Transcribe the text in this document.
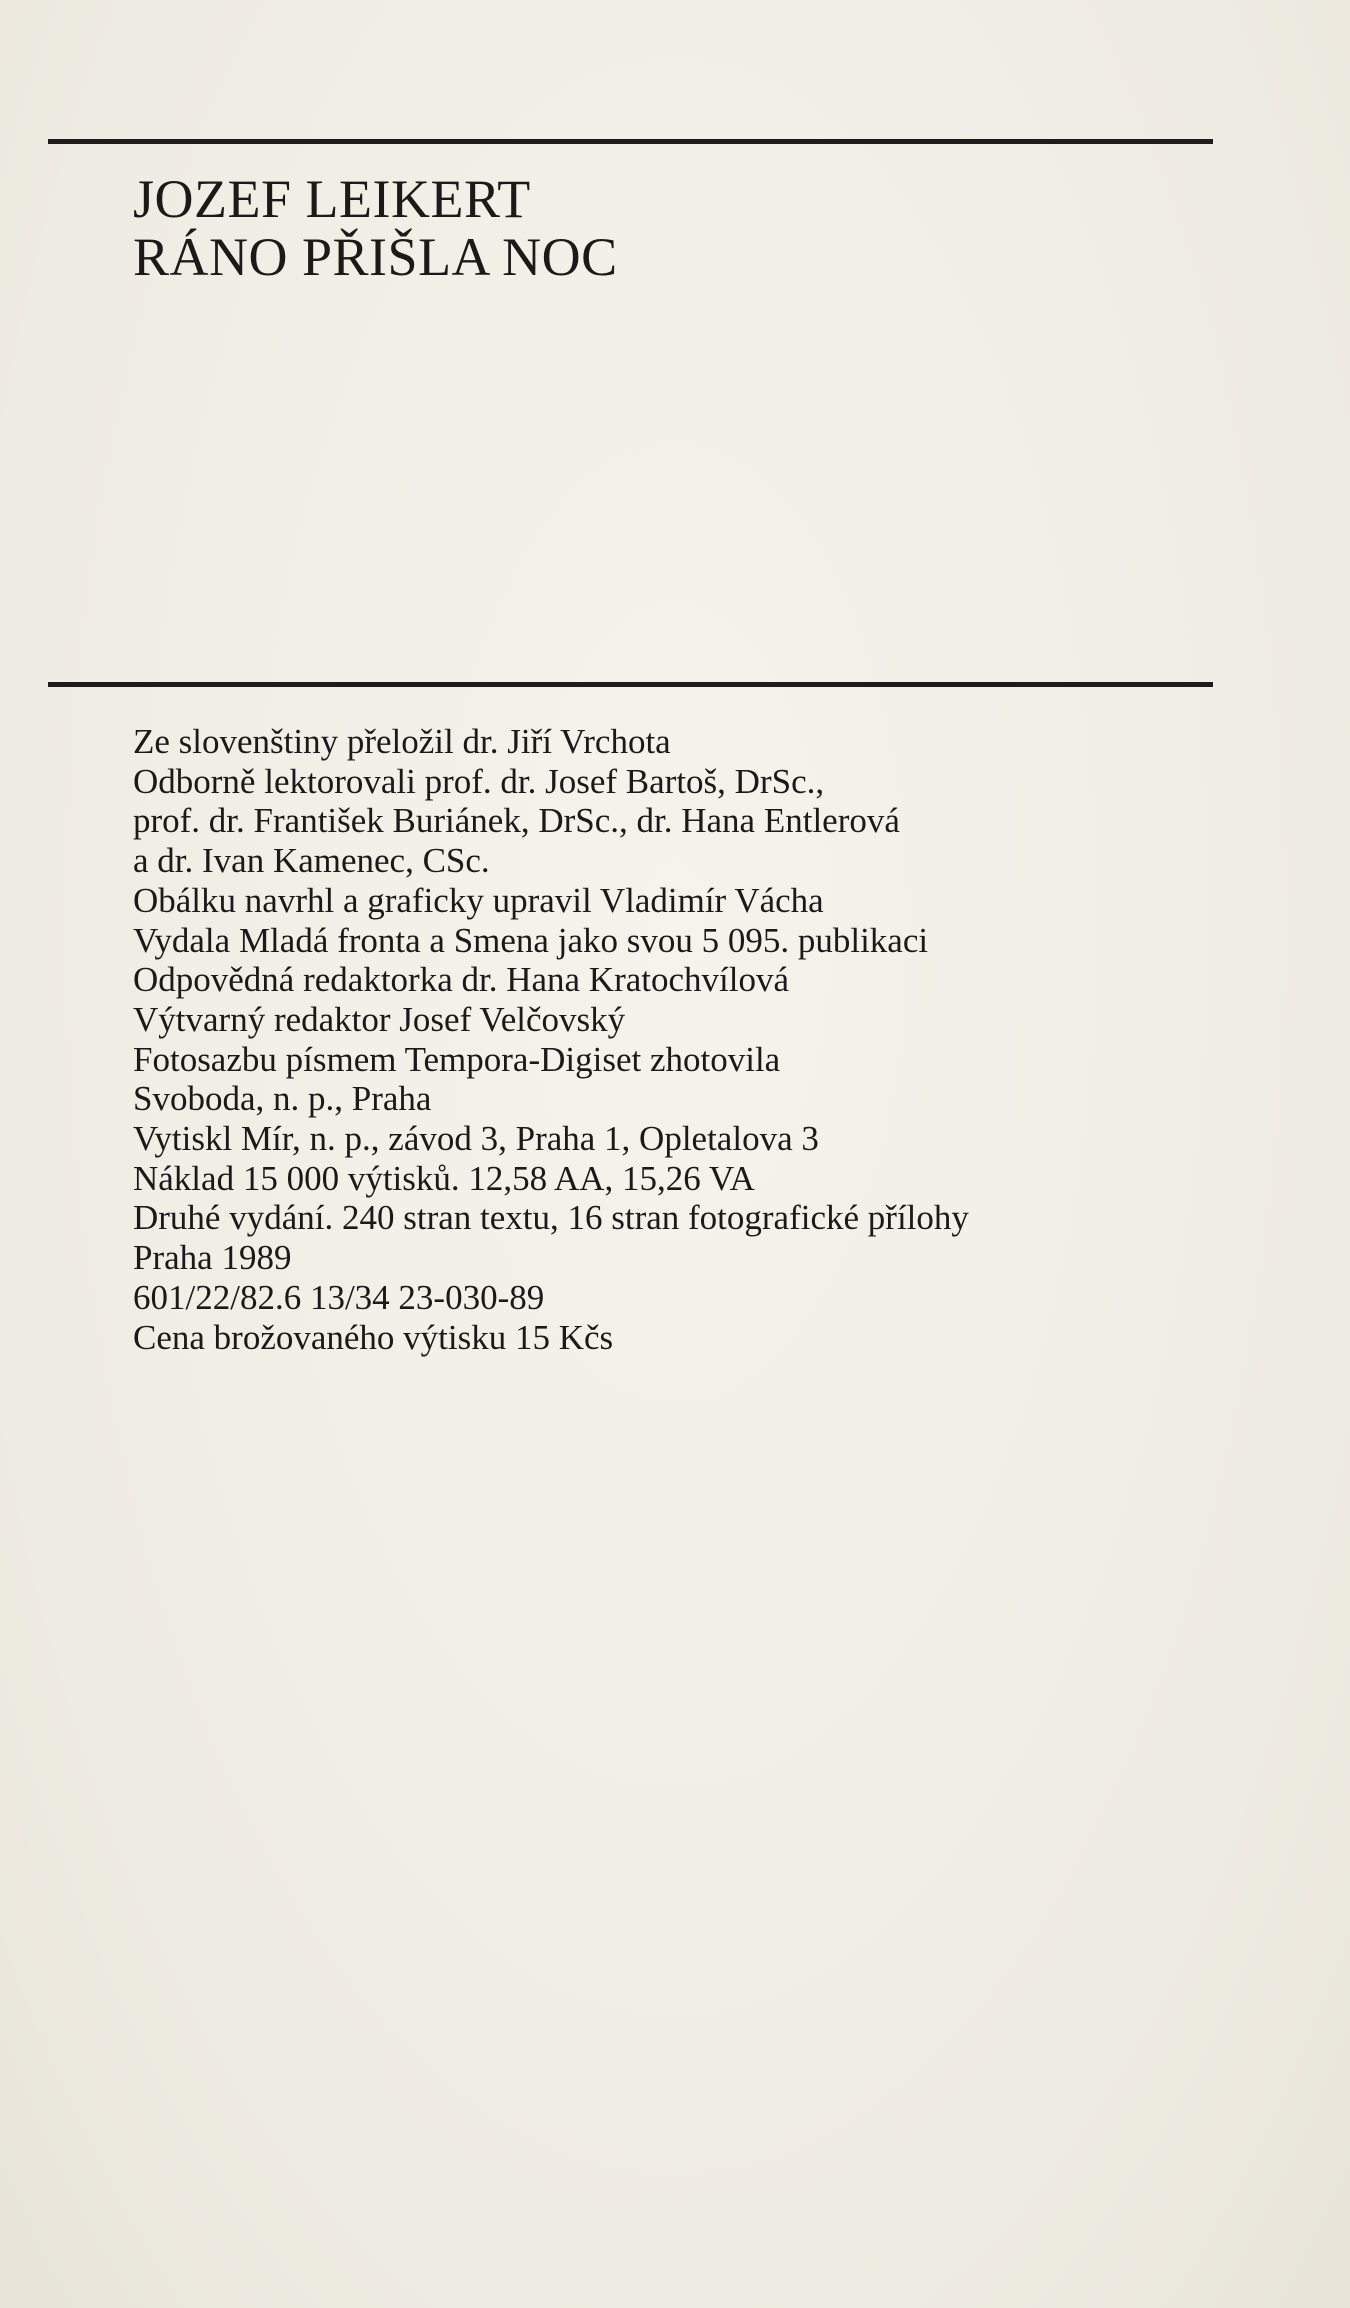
JOZEF LEIKERT
RÁNO PŘIŠLA NOC
Ze slovenštiny přeložil dr. Jiří Vrchota
Odborně lektorovali prof. dr. Josef Bartoš, DrSc.,
prof. dr. František Buriánek, DrSc., dr. Hana Entlerová
a dr. Ivan Kamenec, CSc.
Obálku navrhl a graficky upravil Vladimír Vácha
Vydala Mladá fronta a Smena jako svou 5 095. publikaci
Odpovědná redaktorka dr. Hana Kratochvílová
Výtvarný redaktor Josef Velčovský
Fotosazbu písmem Tempora-Digiset zhotovila
Svoboda, n. p., Praha
Vytiskl Mír, n. p., závod 3, Praha 1, Opletalova 3
Náklad 15 000 výtisků. 12,58 AA, 15,26 VA
Druhé vydání. 240 stran textu, 16 stran fotografické přílohy
Praha 1989
601/22/82.6 13/34 23-030-89
Cena brožovaného výtisku 15 Kčs
